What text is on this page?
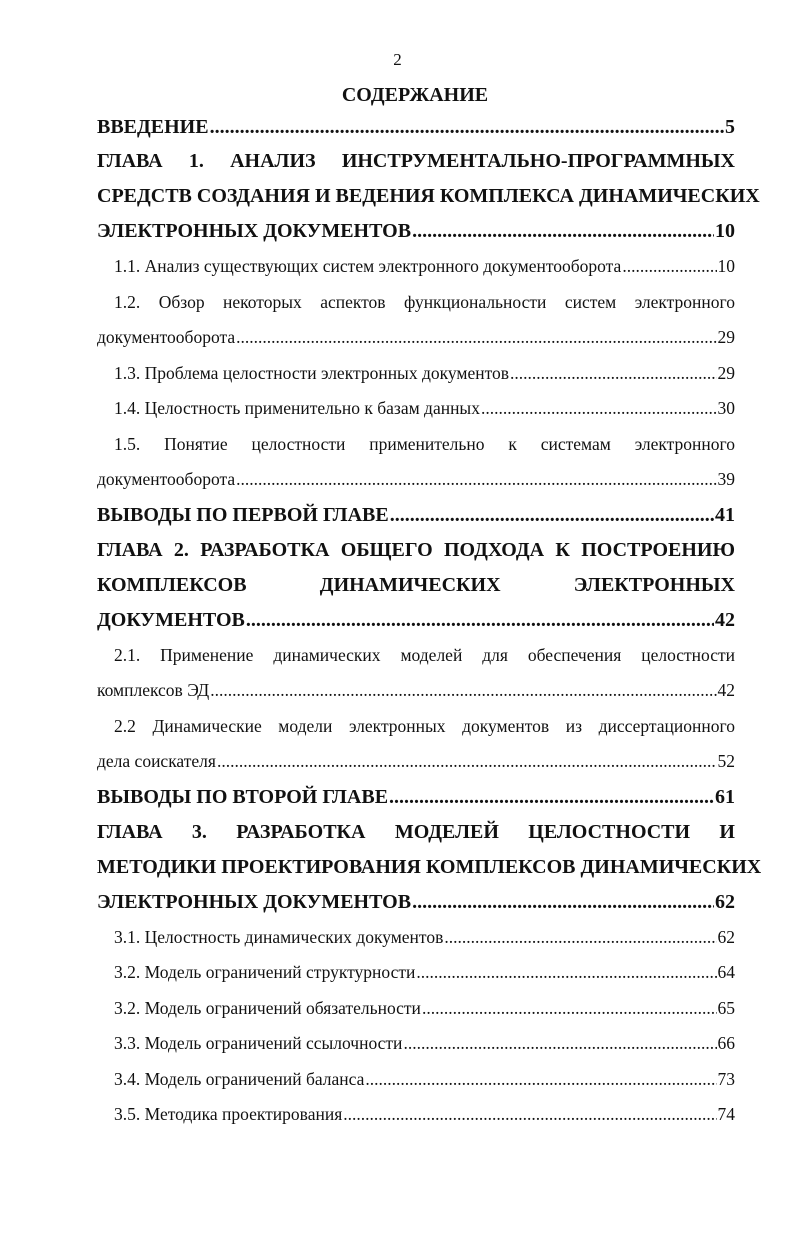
2
СОДЕРЖАНИЕ
ВВЕДЕНИЕ .....	5
ГЛАВА 1. АНАЛИЗ ИНСТРУМЕНТАЛЬНО-ПРОГРАММНЫХ
СРЕДСТВ СОЗДАНИЯ И ВЕДЕНИЯ КОМПЛЕКСА ДИНАМИЧЕСКИХ
ЭЛЕКТРОННЫХ ДОКУМЕНТОВ .....	10
1.1. Анализ существующих систем электронного документооборота .....	10
1.2. Обзор некоторых аспектов функциональности систем электронного
документооборота .....	29
1.3. Проблема целостности электронных документов .....	29
1.4. Целостность применительно к базам данных .....	30
1.5. Понятие целостности применительно к системам электронного
документооборота .....	39
ВЫВОДЫ ПО ПЕРВОЙ ГЛАВЕ .....	41
ГЛАВА 2. РАЗРАБОТКА ОБЩЕГО ПОДХОДА К ПОСТРОЕНИЮ
КОМПЛЕКСОВ ДИНАМИЧЕСКИХ ЭЛЕКТРОННЫХ
ДОКУМЕНТОВ .....	42
2.1. Применение динамических моделей для обеспечения целостности
комплексов ЭД .....	42
2.2 Динамические модели электронных документов из диссертационного
дела соискателя .....	52
ВЫВОДЫ ПО ВТОРОЙ ГЛАВЕ .....	61
ГЛАВА 3. РАЗРАБОТКА МОДЕЛЕЙ ЦЕЛОСТНОСТИ И
МЕТОДИКИ ПРОЕКТИРОВАНИЯ КОМПЛЕКСОВ ДИНАМИЧЕСКИХ
ЭЛЕКТРОННЫХ ДОКУМЕНТОВ .....	62
3.1. Целостность динамических документов .....	62
3.2. Модель ограничений структурности .....	64
3.2. Модель ограничений обязательности .....	65
3.3. Модель ограничений ссылочности .....	66
3.4. Модель ограничений баланса .....	73
3.5. Методика проектирования .....	74
